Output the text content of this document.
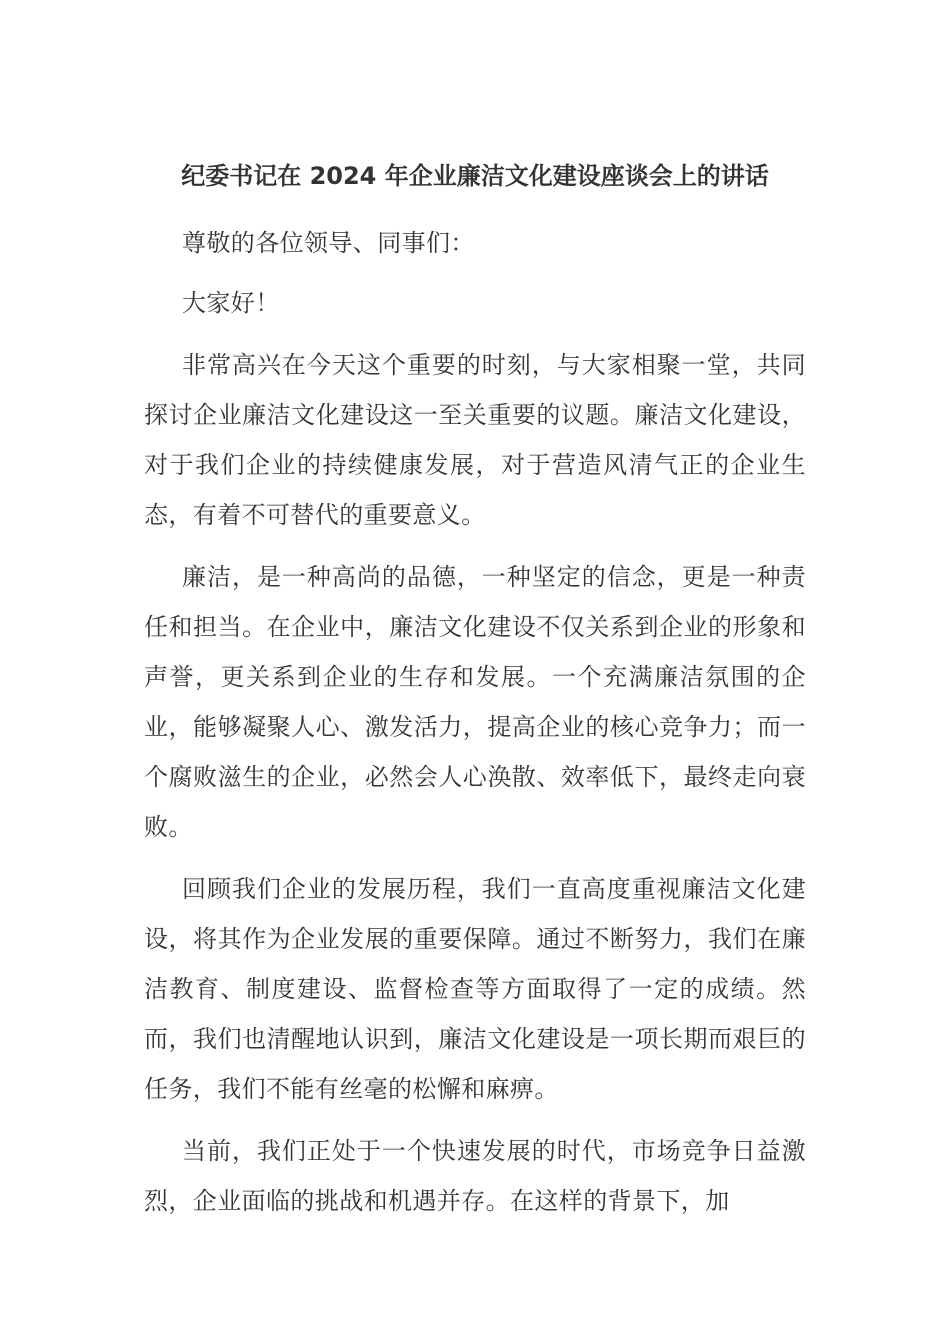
纪委书记在 2024 年企业廉洁文化建设座谈会上的讲话

尊敬的各位领导、同事们：

大家好！

非常高兴在今天这个重要的时刻，与大家相聚一堂，共同探讨企业廉洁文化建设这一至关重要的议题。廉洁文化建设，对于我们企业的持续健康发展，对于营造风清气正的企业生态，有着不可替代的重要意义。

廉洁，是一种高尚的品德，一种坚定的信念，更是一种责任和担当。在企业中，廉洁文化建设不仅关系到企业的形象和声誉，更关系到企业的生存和发展。一个充满廉洁氛围的企业，能够凝聚人心、激发活力，提高企业的核心竞争力；而一个腐败滋生的企业，必然会人心涣散、效率低下，最终走向衰败。

回顾我们企业的发展历程，我们一直高度重视廉洁文化建设，将其作为企业发展的重要保障。通过不断努力，我们在廉洁教育、制度建设、监督检查等方面取得了一定的成绩。然而，我们也清醒地认识到，廉洁文化建设是一项长期而艰巨的任务，我们不能有丝毫的松懈和麻痹。

当前，我们正处于一个快速发展的时代，市场竞争日益激烈，企业面临的挑战和机遇并存。在这样的背景下，加
